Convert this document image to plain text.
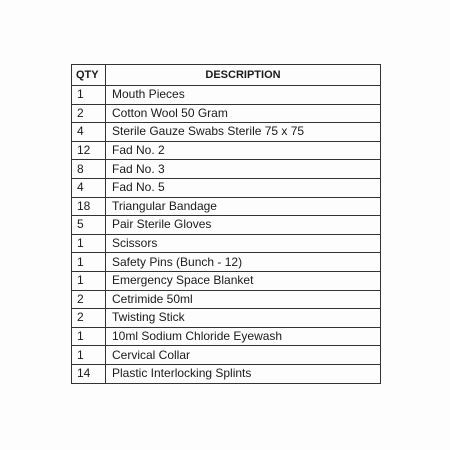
QTY	DESCRIPTION
1	Mouth Pieces
2	Cotton Wool 50 Gram
4	Sterile Gauze Swabs Sterile 75 x 75
12	Fad No. 2
8	Fad No. 3
4	Fad No. 5
18	Triangular Bandage
5	Pair Sterile Gloves
1	Scissors
1	Safety Pins (Bunch - 12)
1	Emergency Space Blanket
2	Cetrimide 50ml
2	Twisting Stick
1	10ml Sodium Chloride Eyewash
1	Cervical Collar
14	Plastic Interlocking Splints
